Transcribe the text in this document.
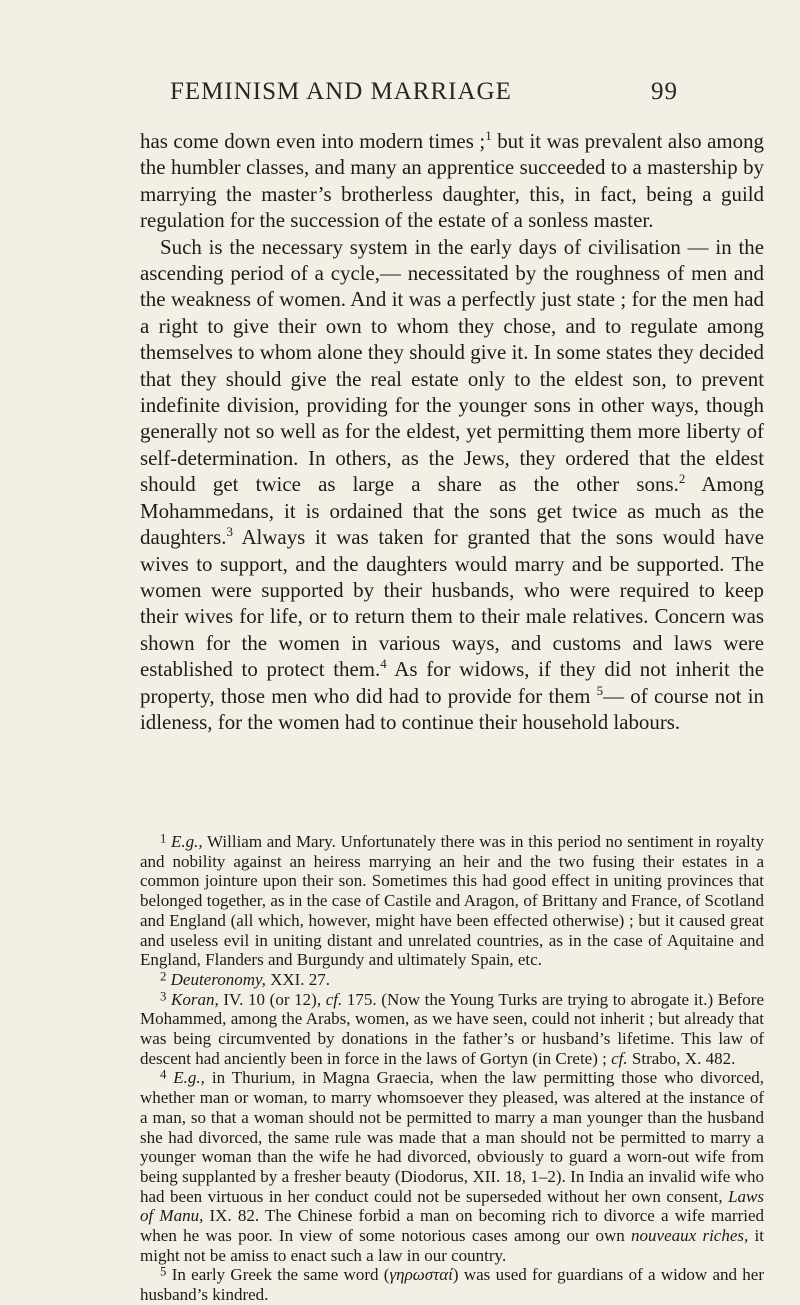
FEMINISM AND MARRIAGE	99

has come down even into modern times ;$^1$ but it was prevalent also among the humbler classes, and many an apprentice succeeded to a mastership by marrying the master’s brotherless daughter, this, in fact, being a guild regulation for the succession of the estate of a sonless master.

Such is the necessary system in the early days of civilisation — in the ascending period of a cycle,— necessitated by the roughness of men and the weakness of women. And it was a perfectly just state ; for the men had a right to give their own to whom they chose, and to regulate among themselves to whom alone they should give it. In some states they decided that they should give the real estate only to the eldest son, to prevent indefinite division, providing for the younger sons in other ways, though generally not so well as for the eldest, yet permitting them more liberty of self-determination. In others, as the Jews, they ordered that the eldest should get twice as large a share as the other sons.$^2$ Among Mohammedans, it is ordained that the sons get twice as much as the daughters.$^3$ Always it was taken for granted that the sons would have wives to support, and the daughters would marry and be supported. The women were supported by their husbands, who were required to keep their wives for life, or to return them to their male relatives. Concern was shown for the women in various ways, and customs and laws were established to protect them.$^4$ As for widows, if they did not inherit the property, those men who did had to provide for them $^5$— of course not in idleness, for the women had to continue their household labours.

$^1$ E.g., William and Mary. Unfortunately there was in this period no sentiment in royalty and nobility against an heiress marrying an heir and the two fusing their estates in a common jointure upon their son. Sometimes this had good effect in uniting provinces that belonged together, as in the case of Castile and Aragon, of Brittany and France, of Scotland and England (all which, however, might have been effected otherwise) ; but it caused great and useless evil in uniting distant and unrelated countries, as in the case of Aquitaine and England, Flanders and Burgundy and ultimately Spain, etc.

$^2$ Deuteronomy, XXI. 27.

$^3$ Koran, IV. 10 (or 12), cf. 175. (Now the Young Turks are trying to abrogate it.) Before Mohammed, among the Arabs, women, as we have seen, could not inherit ; but already that was being circumvented by donations in the father’s or husband’s lifetime. This law of descent had anciently been in force in the laws of Gortyn (in Crete) ; cf. Strabo, X. 482.

$^4$ E.g., in Thurium, in Magna Graecia, when the law permitting those who divorced, whether man or woman, to marry whomsoever they pleased, was altered at the instance of a man, so that a woman should not be permitted to marry a man younger than the husband she had divorced, the same rule was made that a man should not be permitted to marry a younger woman than the wife he had divorced, obviously to guard a worn-out wife from being supplanted by a fresher beauty (Diodorus, XII. 18, 1–2). In India an invalid wife who had been virtuous in her conduct could not be superseded without her own consent, Laws of Manu, IX. 82. The Chinese forbid a man on becoming rich to divorce a wife married when he was poor. In view of some notorious cases among our own nouveaux riches, it might not be amiss to enact such a law in our country.

$^5$ In early Greek the same word (γηρωσταί) was used for guardians of a widow and her husband’s kindred.
